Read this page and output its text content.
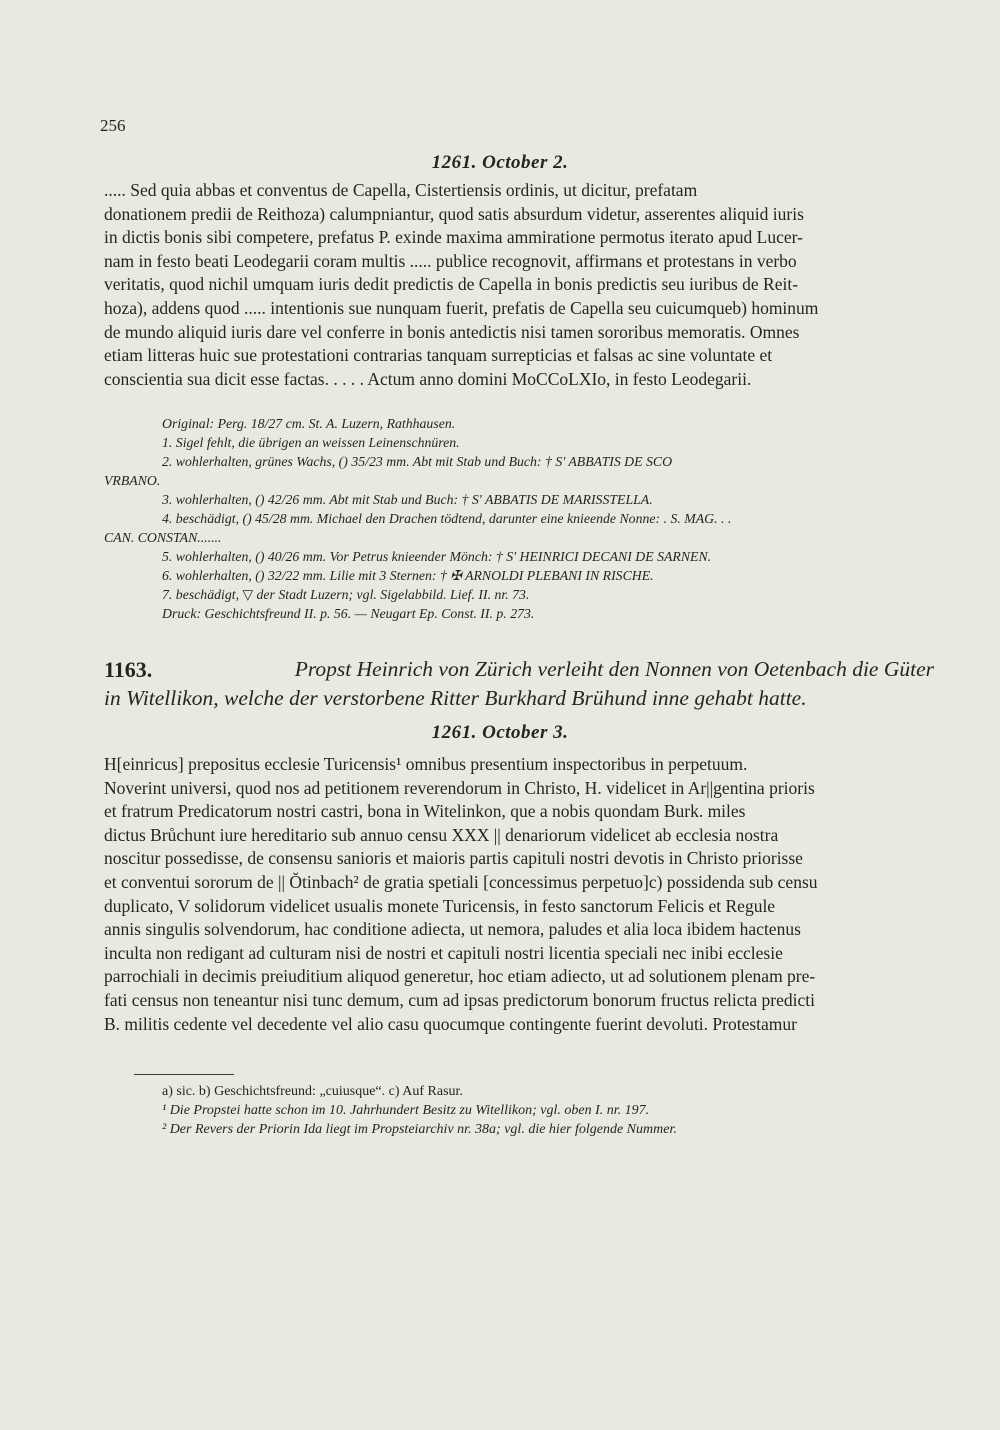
256
1261. October 2.
..... Sed quia abbas et conventus de Capella, Cistertiensis ordinis, ut dicitur, prefatam
donationem predii de Reithoza) calumpniantur, quod satis absurdum videtur, asserentes aliquid iuris
in dictis bonis sibi competere, prefatus P. exinde maxima ammiratione permotus iterato apud Lucer-
nam in festo beati Leodegarii coram multis ..... publice recognovit, affirmans et protestans in verbo
veritatis, quod nichil umquam iuris dedit predictis de Capella in bonis predictis seu iuribus de Reit-
hoza), addens quod ..... intentionis sue nunquam fuerit, prefatis de Capella seu cuicumqueb) hominum
de mundo aliquid iuris dare vel conferre in bonis antedictis nisi tamen sororibus memoratis. Omnes
etiam litteras huic sue protestationi contrarias tanquam surrepticias et falsas ac sine voluntate et
conscientia sua dicit esse factas. . . . . Actum anno domini MoCCoLXIo, in festo Leodegarii.
Original: Perg. 18/27 cm. St. A. Luzern, Rathhausen.
1. Sigel fehlt, die übrigen an weissen Leinenschnüren.
2. wohlerhalten, grünes Wachs, () 35/23 mm. Abt mit Stab und Buch: † S' ABBATIS DE SCO
VRBANO.
3. wohlerhalten, () 42/26 mm. Abt mit Stab und Buch: † S' ABBATIS DE MARISSTELLA.
4. beschädigt, () 45/28 mm. Michael den Drachen tödtend, darunter eine knieende Nonne: . S. MAG. . .
CAN. CONSTAN.......
5. wohlerhalten, () 40/26 mm. Vor Petrus knieender Mönch: † S' HEINRICI DECANI DE SARNEN.
6. wohlerhalten, () 32/22 mm. Lilie mit 3 Sternen: † ✠ ARNOLDI PLEBANI IN RISCHE.
7. beschädigt, ▽ der Stadt Luzern; vgl. Sigelabbild. Lief. II. nr. 73.
Druck: Geschichtsfreund II. p. 56. — Neugart Ep. Const. II. p. 273.
1163.	Propst Heinrich von Zürich verleiht den Nonnen von Oetenbach die Güter
in Witellikon, welche der verstorbene Ritter Burkhard Brühund inne gehabt hatte.
1261. October 3.
H[einricus] prepositus ecclesie Turicensis¹ omnibus presentium inspectoribus in perpetuum.
Noverint universi, quod nos ad petitionem reverendorum in Christo, H. videlicet in Ar||gentina prioris
et fratrum Predicatorum nostri castri, bona in Witelinkon, que a nobis quondam Burk. miles
dictus Brůchunt iure hereditario sub annuo censu XXX || denariorum videlicet ab ecclesia nostra
noscitur possedisse, de consensu sanioris et maioris partis capituli nostri devotis in Christo priorisse
et conventui sororum de || Ŏtinbach² de gratia spetiali [concessimus perpetuo]c) possidenda sub censu
duplicato, V solidorum videlicet usualis monete Turicensis, in festo sanctorum Felicis et Regule
annis singulis solvendorum, hac conditione adiecta, ut nemora, paludes et alia loca ibidem hactenus
inculta non redigant ad culturam nisi de nostri et capituli nostri licentia speciali nec inibi ecclesie
parrochiali in decimis preiuditium aliquod generetur, hoc etiam adiecto, ut ad solutionem plenam pre-
fati census non teneantur nisi tunc demum, cum ad ipsas predictorum bonorum fructus relicta predicti
B. militis cedente vel decedente vel alio casu quocumque contingente fuerint devoluti. Protestamur
a) sic. b) Geschichtsfreund: „cuiusque“. c) Auf Rasur.
¹ Die Propstei hatte schon im 10. Jahrhundert Besitz zu Witellikon; vgl. oben I. nr. 197.
² Der Revers der Priorin Ida liegt im Propsteiarchiv nr. 38a; vgl. die hier folgende Nummer.
